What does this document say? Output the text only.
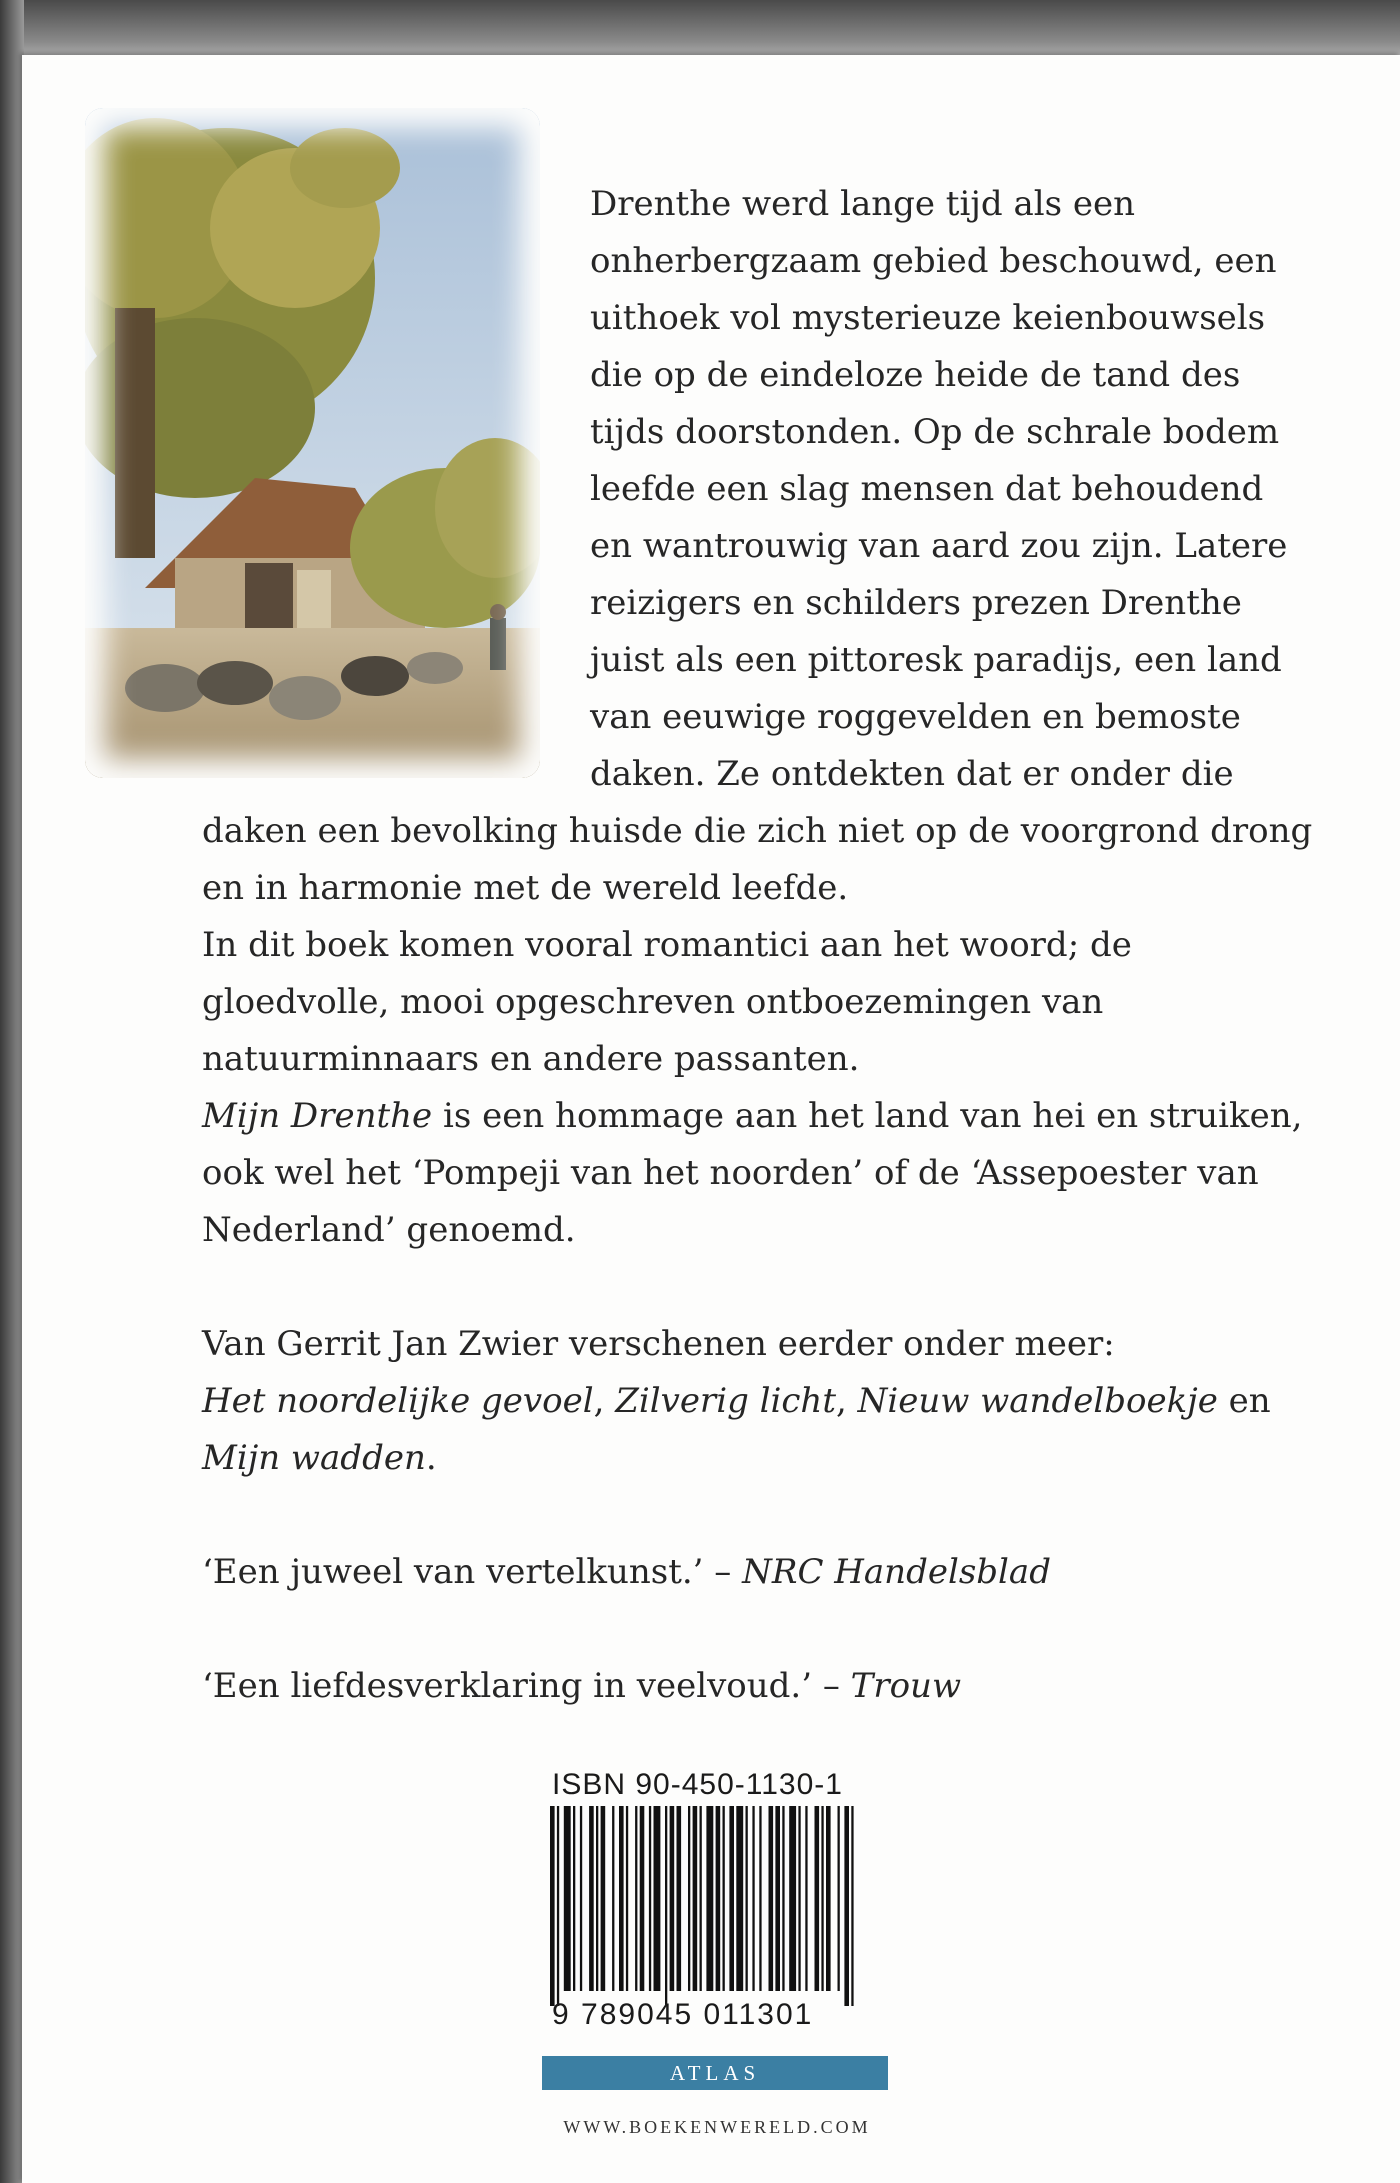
Drenthe werd lange tijd als een
onherbergzaam gebied beschouwd, een
uithoek vol mysterieuze keienbouwsels
die op de eindeloze heide de tand des
tijds doorstonden. Op de schrale bodem
leefde een slag mensen dat behoudend
en wantrouwig van aard zou zijn. Latere
reizigers en schilders prezen Drenthe
juist als een pittoresk paradijs, een land
van eeuwige roggevelden en bemoste
daken. Ze ontdekten dat er onder die
daken een bevolking huisde die zich niet op de voorgrond drong
en in harmonie met de wereld leefde.
In dit boek komen vooral romantici aan het woord; de
gloedvolle, mooi opgeschreven ontboezemingen van
natuurminnaars en andere passanten.
Mijn Drenthe is een hommage aan het land van hei en struiken,
ook wel het ‘Pompeji van het noorden’ of de ‘Assepoester van
Nederland’ genoemd.

Van Gerrit Jan Zwier verschenen eerder onder meer:
Het noordelijke gevoel, Zilverig licht, Nieuw wandelboekje en
Mijn wadden.

‘Een juweel van vertelkunst.’ – NRC Handelsblad

‘Een liefdesverklaring in veelvoud.’ – Trouw
ISBN 90-450-1130-1
9 789045 011301
ATLAS
WWW.BOEKENWERELD.COM
